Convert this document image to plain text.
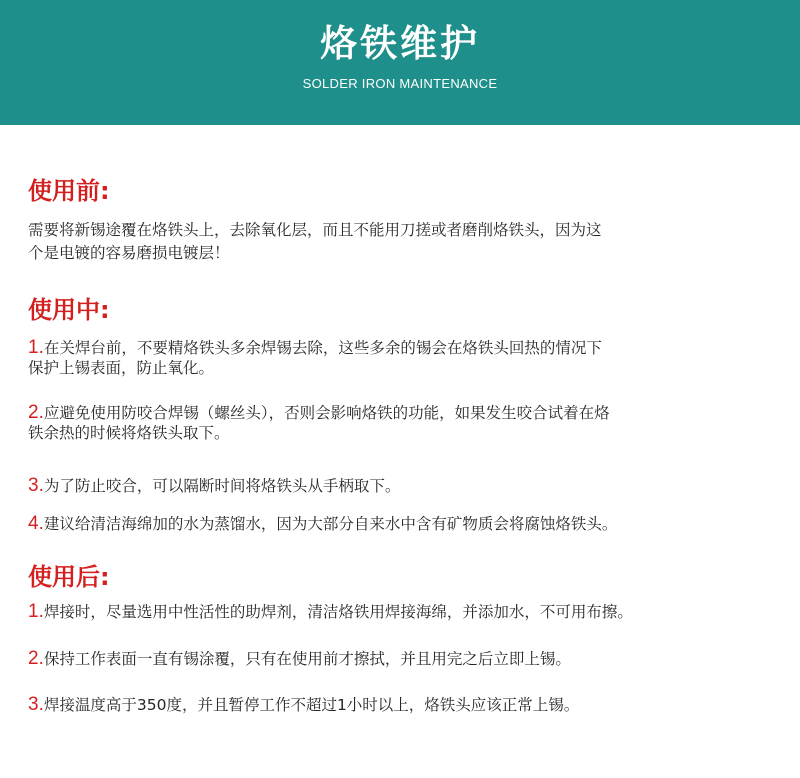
烙铁维护
SOLDER IRON MAINTENANCE
使用前:
需要将新锡途覆在烙铁头上，去除氧化层，而且不能用刀搓或者磨削烙铁头，因为这
个是电镀的容易磨损电镀层！
使用中:
1.在关焊台前，不要精烙铁头多余焊锡去除，这些多余的锡会在烙铁头回热的情况下
保护上锡表面，防止氧化。
2.应避免使用防咬合焊锡（螺丝头），否则会影响烙铁的功能，如果发生咬合试着在烙
铁余热的时候将烙铁头取下。
3.为了防止咬合，可以隔断时间将烙铁头从手柄取下。
4.建议给清洁海绵加的水为蒸馏水，因为大部分自来水中含有矿物质会将腐蚀烙铁头。
使用后:
1.焊接时，尽量选用中性活性的助焊剂，清洁烙铁用焊接海绵，并添加水，不可用布擦。
2.保持工作表面一直有锡涂覆，只有在使用前才擦拭，并且用完之后立即上锡。
3.焊接温度高于350度，并且暂停工作不超过1小时以上，烙铁头应该正常上锡。
